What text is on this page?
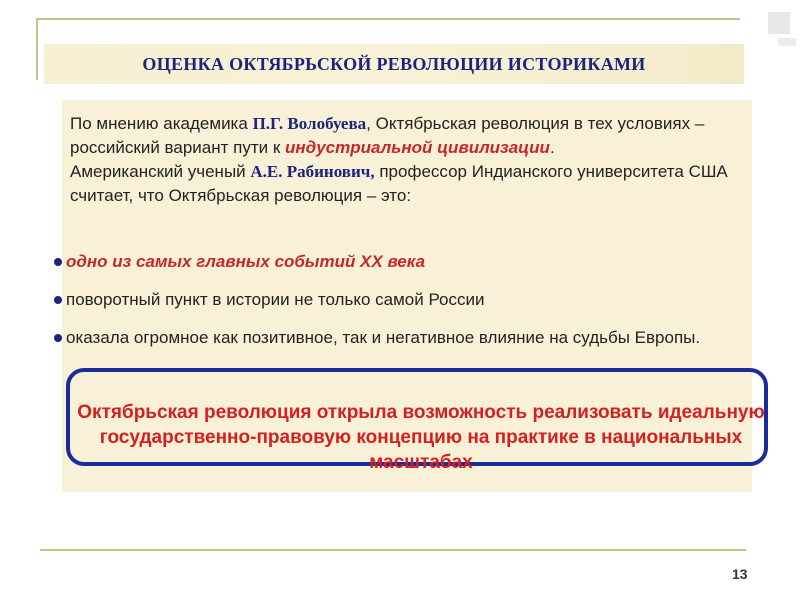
ОЦЕНКА ОКТЯБРЬСКОЙ РЕВОЛЮЦИИ ИСТОРИКАМИ
По мнению академика П.Г. Волобуева, Октябрьская революция в тех условиях – российский вариант пути к индустриальной цивилизации.
Американский ученый А.Е. Рабинович, профессор Индианского университета США считает, что Октябрьская революция – это:
одно из самых главных событий ХХ века
поворотный пункт в истории не только самой России
оказала огромное как позитивное, так и негативное влияние на судьбы Европы.
Октябрьская революция открыла возможность реализовать идеальную государственно-правовую концепцию на практике в национальных масштабах
13
